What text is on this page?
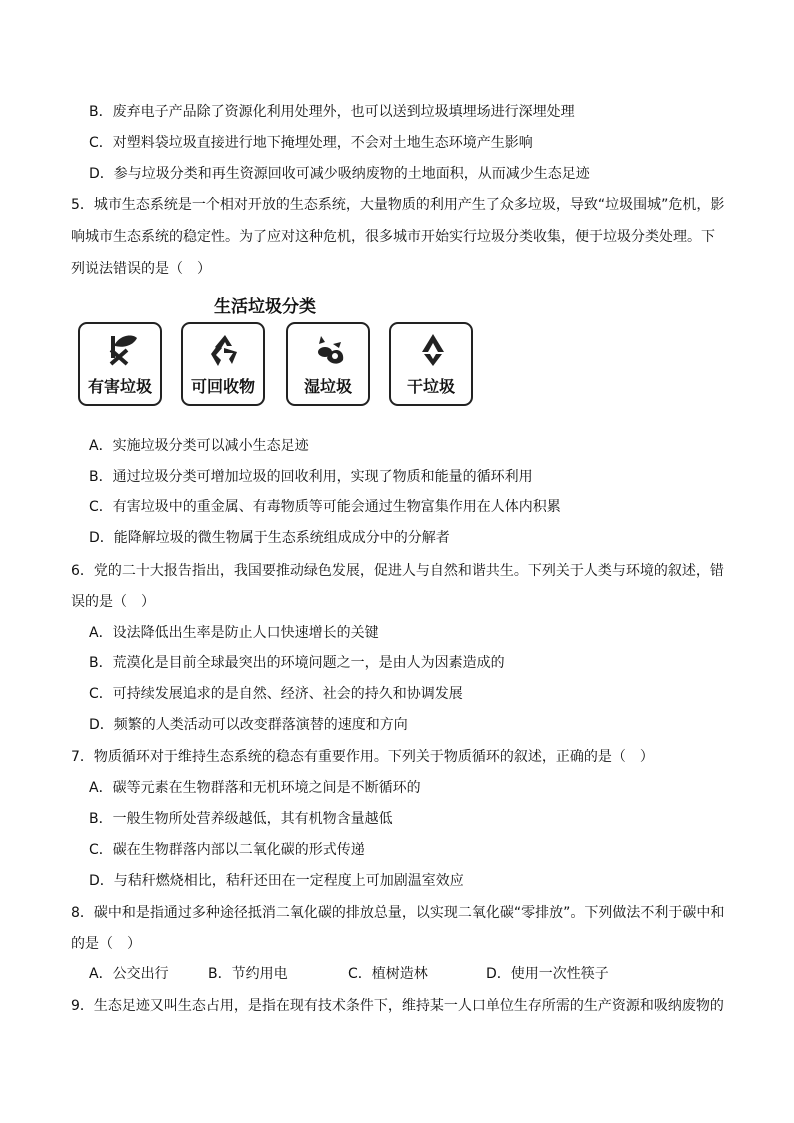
B．废弃电子产品除了资源化利用处理外，也可以送到垃圾填埋场进行深埋处理
C．对塑料袋垃圾直接进行地下掩埋处理，不会对土地生态环境产生影响
D．参与垃圾分类和再生资源回收可减少吸纳废物的土地面积，从而减少生态足迹
5．城市生态系统是一个相对开放的生态系统，大量物质的利用产生了众多垃圾，导致“垃圾围城”危机，影
响城市生态系统的稳定性。为了应对这种危机，很多城市开始实行垃圾分类收集，便于垃圾分类处理。下
列说法错误的是（　）
生活垃圾分类
有害垃圾	可回收物	湿垃圾	干垃圾
A．实施垃圾分类可以减小生态足迹
B．通过垃圾分类可增加垃圾的回收利用，实现了物质和能量的循环利用
C．有害垃圾中的重金属、有毒物质等可能会通过生物富集作用在人体内积累
D．能降解垃圾的微生物属于生态系统组成成分中的分解者
6．党的二十大报告指出，我国要推动绿色发展，促进人与自然和谐共生。下列关于人类与环境的叙述，错
误的是（　）
A．设法降低出生率是防止人口快速增长的关键
B．荒漠化是目前全球最突出的环境问题之一，是由人为因素造成的
C．可持续发展追求的是自然、经济、社会的持久和协调发展
D．频繁的人类活动可以改变群落演替的速度和方向
7．物质循环对于维持生态系统的稳态有重要作用。下列关于物质循环的叙述，正确的是（　）
A．碳等元素在生物群落和无机环境之间是不断循环的
B．一般生物所处营养级越低，其有机物含量越低
C．碳在生物群落内部以二氧化碳的形式传递
D．与秸秆燃烧相比，秸秆还田在一定程度上可加剧温室效应
8．碳中和是指通过多种途径抵消二氧化碳的排放总量，以实现二氧化碳“零排放”。下列做法不利于碳中和
的是（　）
A．公交出行	B．节约用电	C．植树造林	D．使用一次性筷子
9．生态足迹又叫生态占用，是指在现有技术条件下，维持某一人口单位生存所需的生产资源和吸纳废物的
